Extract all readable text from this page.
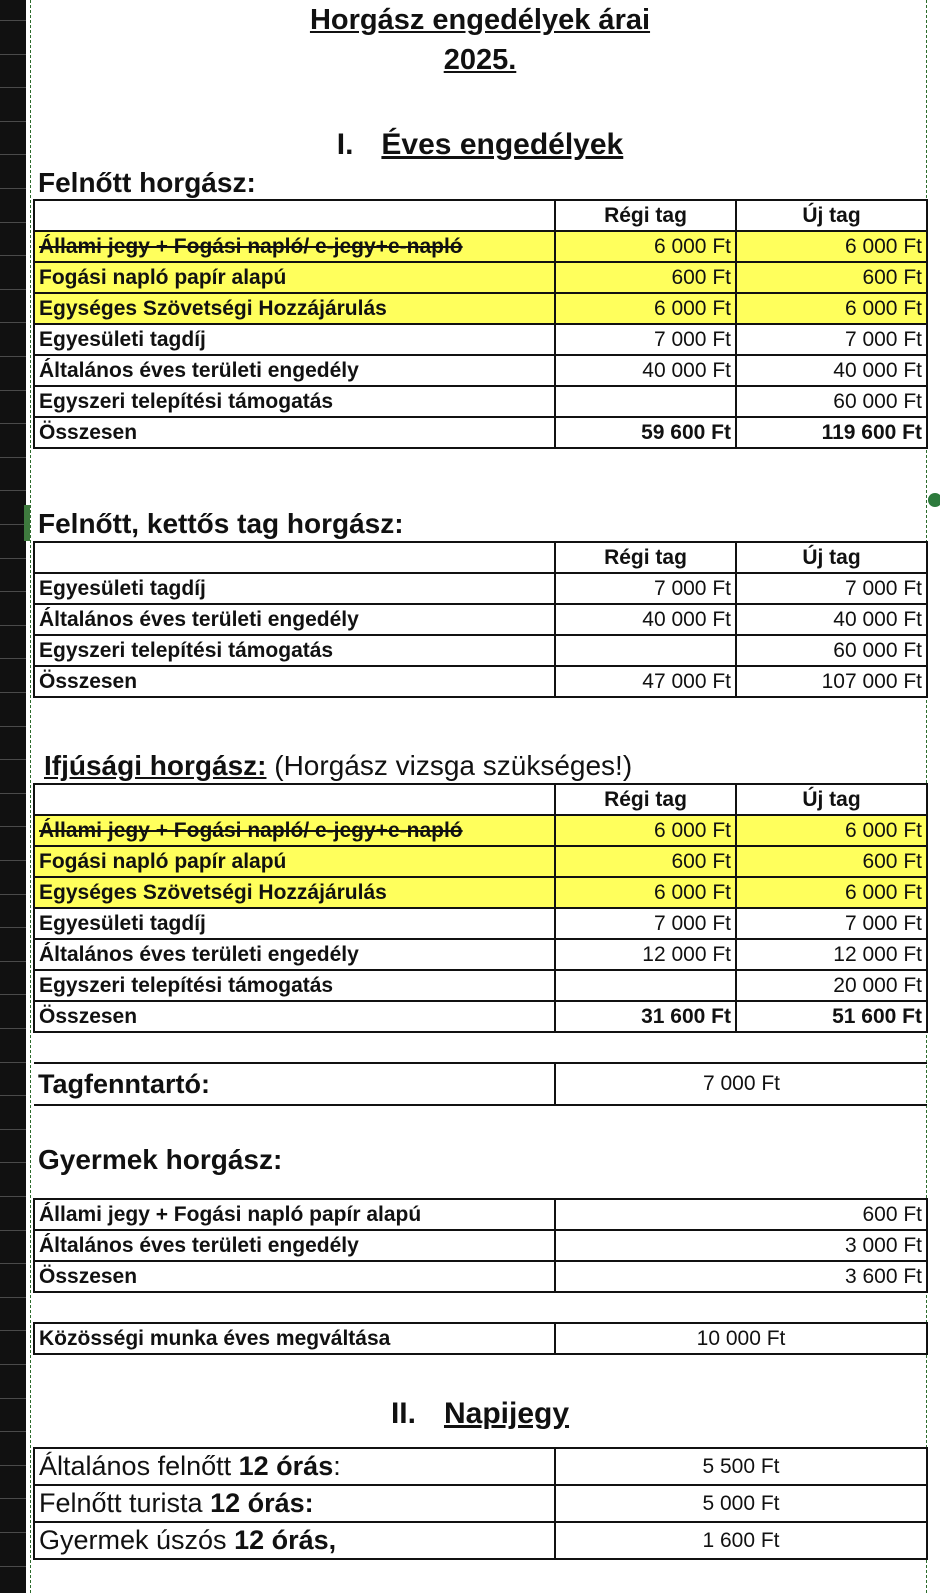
Horgász engedélyek árai
2025.
I. Éves engedélyek
Felnőtt horgász:
	Régi tag	Új tag
Állami jegy + Fogási napló/ e-jegy+e-napló	6 000 Ft	6 000 Ft
Fogási napló papír alapú	600 Ft	600 Ft
Egységes Szövetségi Hozzájárulás	6 000 Ft	6 000 Ft
Egyesületi tagdíj	7 000 Ft	7 000 Ft
Általános éves területi engedély	40 000 Ft	40 000 Ft
Egyszeri telepítési támogatás		60 000 Ft
Összesen	59 600 Ft	119 600 Ft
Felnőtt, kettős tag horgász:
	Régi tag	Új tag
Egyesületi tagdíj	7 000 Ft	7 000 Ft
Általános éves területi engedély	40 000 Ft	40 000 Ft
Egyszeri telepítési támogatás		60 000 Ft
Összesen	47 000 Ft	107 000 Ft
Ifjúsági horgász: (Horgász vizsga szükséges!)
	Régi tag	Új tag
Állami jegy + Fogási napló/ e-jegy+e-napló	6 000 Ft	6 000 Ft
Fogási napló papír alapú	600 Ft	600 Ft
Egységes Szövetségi Hozzájárulás	6 000 Ft	6 000 Ft
Egyesületi tagdíj	7 000 Ft	7 000 Ft
Általános éves területi engedély	12 000 Ft	12 000 Ft
Egyszeri telepítési támogatás		20 000 Ft
Összesen	31 600 Ft	51 600 Ft

Tagfenntartó:	7 000 Ft	
Gyermek horgász:
Állami jegy + Fogási napló papír alapú	600 Ft
Általános éves területi engedély	3 000 Ft
Összesen	3 600 Ft

Közösségi munka éves megváltása	10 000 Ft
II. Napijegy
Általános felnőtt 12 órás:	5 500 Ft
Felnőtt turista 12 órás:	5 000 Ft
Gyermek úszós 12 órás,	1 600 Ft
